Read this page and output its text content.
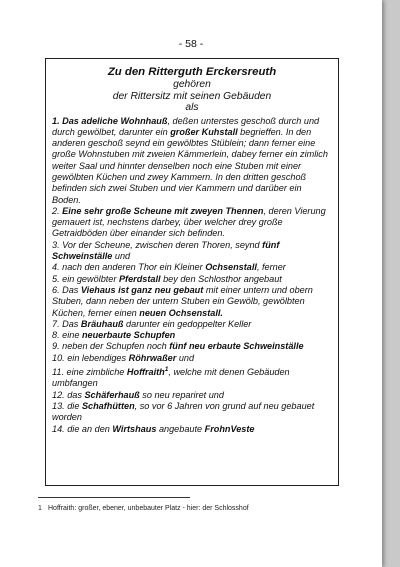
- 58 -
Zu den Ritterguth Erckersreuth
gehören
der Rittersitz mit seinen Gebäuden
als

1. Das adeliche Wohnhauß, deßen unterstes geschoß durch und durch gewölbet, darunter ein großer Kuhstall begrieffen. In den anderen geschoß seynd ein gewölbtes Stüblein; dann ferner eine große Wohnstuben mit zweien Kämmerlein, dabey ferner ein zimlich weiter Saal und hinnter denselben noch eine Stuben mit einer gewölbten Küchen und zwey Kammern. In den dritten geschoß befinden sich zwei Stuben und vier Kammern und darüber ein Boden.

2. Eine sehr große Scheune mit zweyen Thennen, deren Vierung gemauert ist, nechstens darbey, über welcher drey große Getraidböden über einander sich befinden.

3. Vor der Scheune, zwischen deren Thoren, seynd fünf Schweinställe und

4. nach den anderen Thor ein Kleiner Ochsenstall, ferner

5. ein gewölbter Pferdstall bey den Schlosthor angebaut

6. Das Viehaus ist ganz neu gebaut mit einer untern und obern Stuben, dann neben der untern Stuben ein Gewölb, gewölbten Küchen, ferner einen neuen Ochsenstall.

7. Das Bräuhauß darunter ein gedoppelter Keller

8. eine neuerbaute Schupfen

9. neben der Schupfen noch fünf neu erbaute Schweinställe

10. ein lebendiges Röhrwaßer und

11. eine zimbliche Hoffraith$^1$, welche mit denen Gebäuden umbfangen

12. das Schäferhauß so neu repariret und

13. die Schafhütten, so vor 6 Jahren von grund auf neu gebauet worden

14. die an den Wirtshaus angebaute FrohnVeste

1 Hoffraith: großer, ebener, unbebauter Platz - hier: der Schlosshof
